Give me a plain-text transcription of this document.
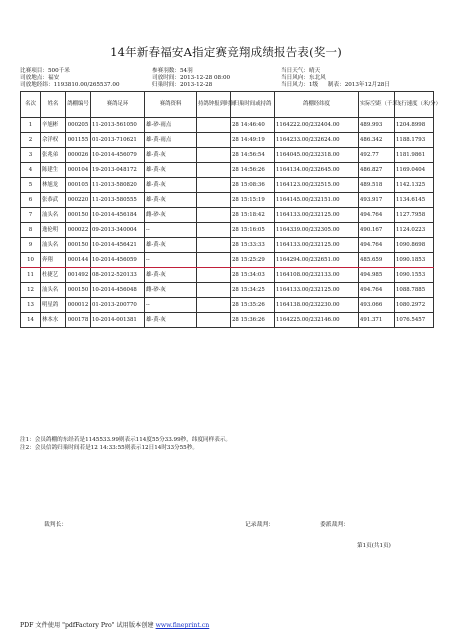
14年新春福安A指定赛竞翔成绩报告表(奖一)
比赛项目：500千米
司放地点：福安
司放地经纬：1193810.00/265537.00
参赛羽数：54羽
司放时间：2013-12-28 08:00
归巢时间：2013-12-28
当日天气：晴天
当日风向：东北风
当日风力：1级 制表：2013年12月28日
名次	姓名	鸽棚编号	赛鸽足环	赛鸽资料	持鸽钟报到时间	归巢时间或持鸽	鸽棚经纬度	实际空距（千米）	飞行速度（米/分）
1	辛旭彬	000205	11-2013-561050	雄-砂-雨点		28 14:46:40	1164222.00/232404.00	489.993	1204.8998
2	佘洋权	001155	01-2013-710621	雄-黄-雨点		28 14:49:19	1164233.00/232624.00	486.342	1188.1793
3	张兆弟	000026	10-2014-456079	雄-黄-灰		28 14:56:54	1164045.00/232318.00	492.77	1181.9861
4	陈建生	000104	19-2013-048172	雄-黄-灰		28 14:56:26	1164134.00/232645.00	486.827	1169.0404
5	林旭龙	000105	11-2013-580820	雄-黄-灰		28 15:08:36	1164123.00/232515.00	489.518	1142.1325
6	张恭武	000220	11-2013-580555	雄-黄-灰		28 15:15:19	1164145.00/232151.00	493.917	1134.6145
7	汕头名	000150	10-2014-456184	雌-砂-灰		28 15:18:42	1164133.00/232125.00	494.764	1127.7958
8	逸伦明	000022	09-2013-340004	--		28 15:16:05	1164339.00/232305.00	490.167	1124.0223
9	汕头名	000150	10-2014-456421	雄-黄-灰		28 15:33:33	1164133.00/232125.00	494.764	1090.8698
10	奔翔	000144	10-2014-456059	--		28 15:25:29	1164294.00/232651.00	485.659	1090.1853
11	杜捷艺	001492	08-2012-520133	雄-黄-灰		28 15:34:03	1164108.00/232133.00	494.985	1090.1553
12	汕头名	000150	10-2014-456048	雌-砂-灰		28 15:34:25	1164133.00/232125.00	494.764	1088.7885
13	明星鸽	000012	01-2013-200770	--		28 15:35:26	1164138.00/232230.00	493.066	1080.2972
14	林本水	000178	10-2014-001381	雄-黄-灰		28 15:36:26	1164225.00/232146.00	491.371	1076.5457
注1：会员鸽棚的东经若是1145533.99则表示114度55分33.99秒，纬度同样表示。
注2：会员信鸽归巢时间若是12 14:33:55则表示12日14时33分55秒。
裁判长：	记录裁判：	委派裁判：
第1页(共1页)
PDF 文件使用 "pdfFactory Pro" 试用版本创建 www.fineprint.cn
